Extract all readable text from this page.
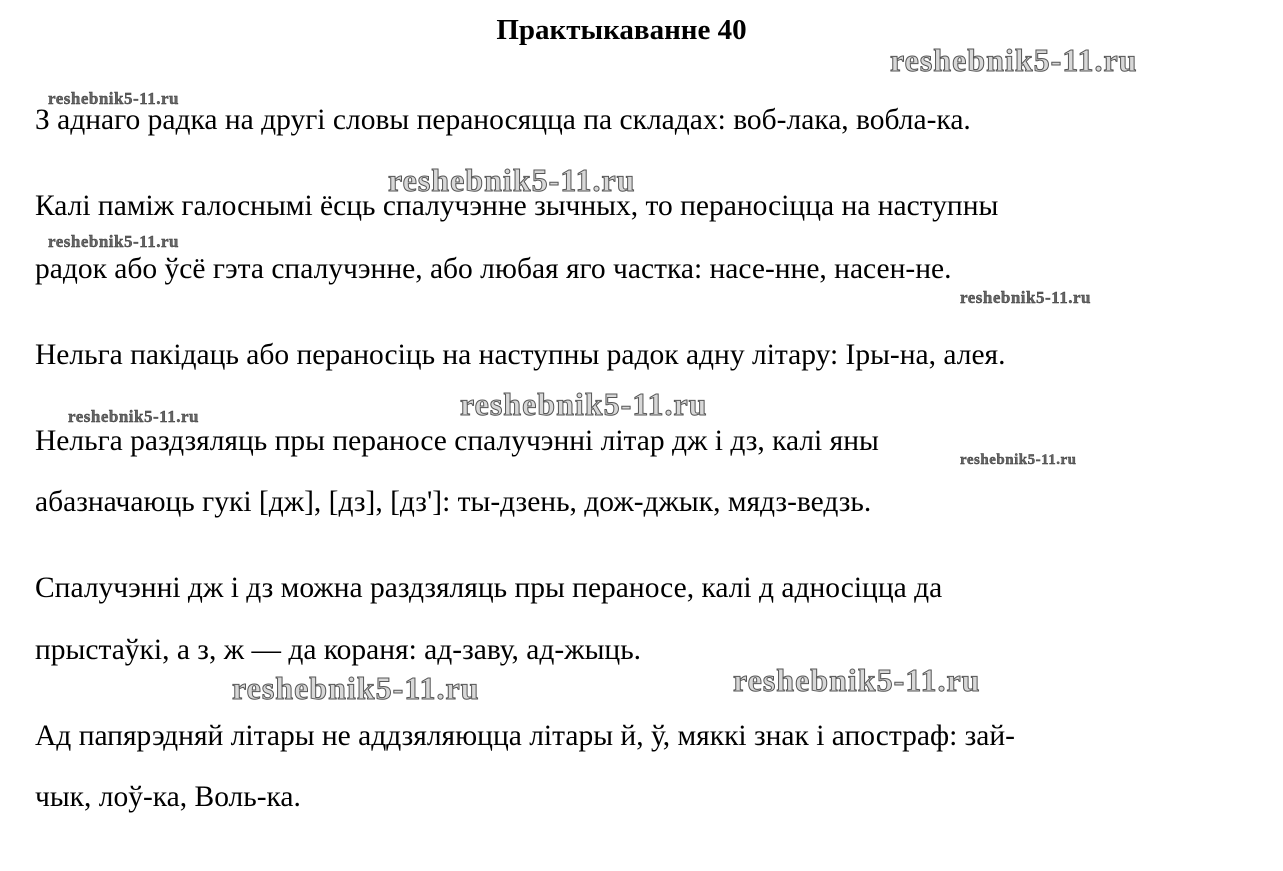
Практыкаванне 40
З аднаго радка на другі словы пераносяцца па складах: воб-лака, вобла-ка.
Калі паміж галоснымі ёсць спалучэнне зычных, то пераносіцца на наступны
радок або ўсё гэта спалучэнне, або любая яго частка: насе-нне, насен-не.
Нельга пакідаць або пераносіць на наступны радок адну літару: Іры-на, алея.
Нельга раздзяляць пры пераносе спалучэнні літар дж і дз, калі яны
абазначаюць гукі [дж], [дз], [дз']: ты-дзень, дож-джык, мядз-ведзь.
Спалучэнні дж і дз можна раздзяляць пры пераносе, калі д адносіцца да
прыстаўкі, а з, ж — да кораня: ад-заву, ад-жыць.
Ад папярэдняй літары не аддзяляюцца літары й, ў, мяккі знак і апостраф: зай-
чык, лоў-ка, Воль-ка.
reshebnik5-11.ru
reshebnik5-11.ru
reshebnik5-11.ru
reshebnik5-11.ru
reshebnik5-11.ru
reshebnik5-11.ru
reshebnik5-11.ru
reshebnik5-11.ru
reshebnik5-11.ru	reshebnik5-11.ru
